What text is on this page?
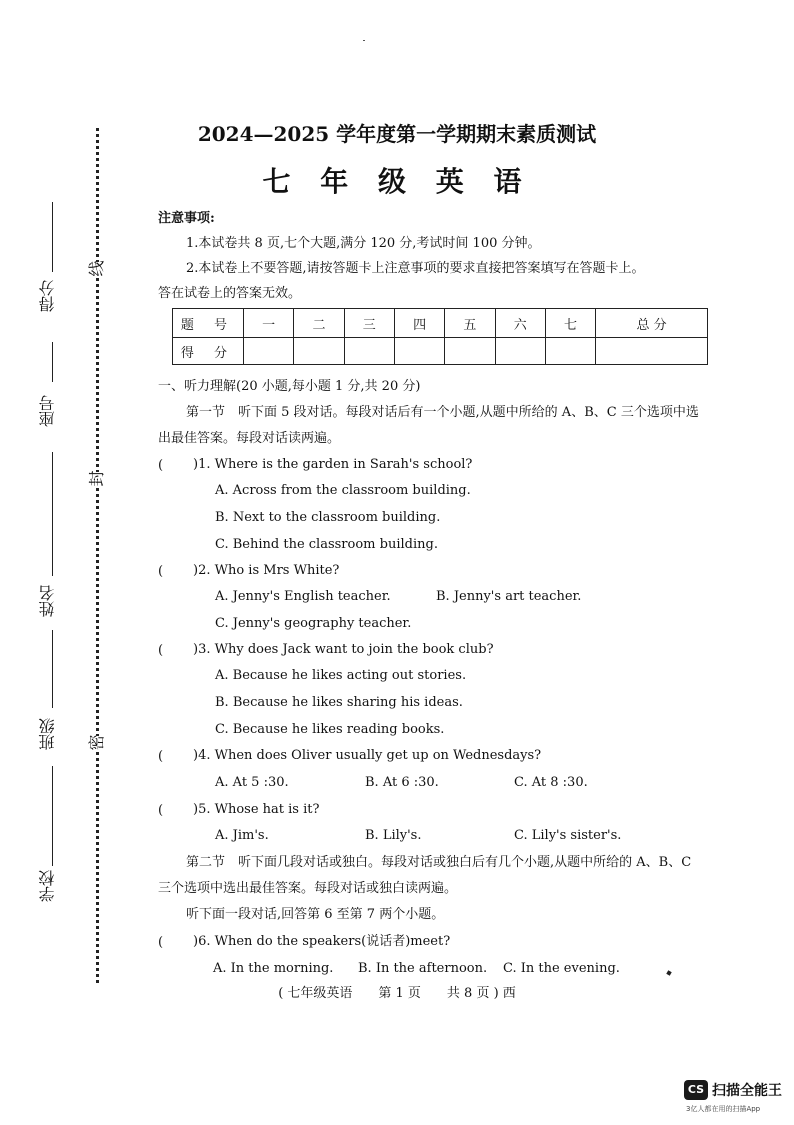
得分
座号
姓名
班级
学校
线
封
密
2024—2025 学年度第一学期期末素质测试
七 年 级 英 语
注意事项:
1.本试卷共 8 页,七个大题,满分 120 分,考试时间 100 分钟。
2.本试卷上不要答题,请按答题卡上注意事项的要求直接把答案填写在答题卡上。
答在试卷上的答案无效。
题 号	一	二	三	四	五	六	七	总 分
得 分								
一、听力理解(20 小题,每小题 1 分,共 20 分)
第一节　听下面 5 段对话。每段对话后有一个小题,从题中所给的 A、B、C 三个选项中选
出最佳答案。每段对话读两遍。
( )1. Where is the garden in Sarah's school?
A. Across from the classroom building.
B. Next to the classroom building.
C. Behind the classroom building.
( )2. Who is Mrs White?
A. Jenny's English teacher.	B. Jenny's art teacher.
C. Jenny's geography teacher.
( )3. Why does Jack want to join the book club?
A. Because he likes acting out stories.
B. Because he likes sharing his ideas.
C. Because he likes reading books.
( )4. When does Oliver usually get up on Wednesdays?
A. At 5 :30.	B. At 6 :30.	C. At 8 :30.
( )5. Whose hat is it?
A. Jim's.	B. Lily's.	C. Lily's sister's.
第二节　听下面几段对话或独白。每段对话或独白后有几个小题,从题中所给的 A、B、C
三个选项中选出最佳答案。每段对话或独白读两遍。
听下面一段对话,回答第 6 至第 7 两个小题。
( )6. When do the speakers(说话者)meet?
A. In the morning. B. In the afternoon. C. In the evening.
( 七年级英语　　第 1 页　　共 8 页 ) 西
CS 扫描全能王
3亿人都在用的扫描App
